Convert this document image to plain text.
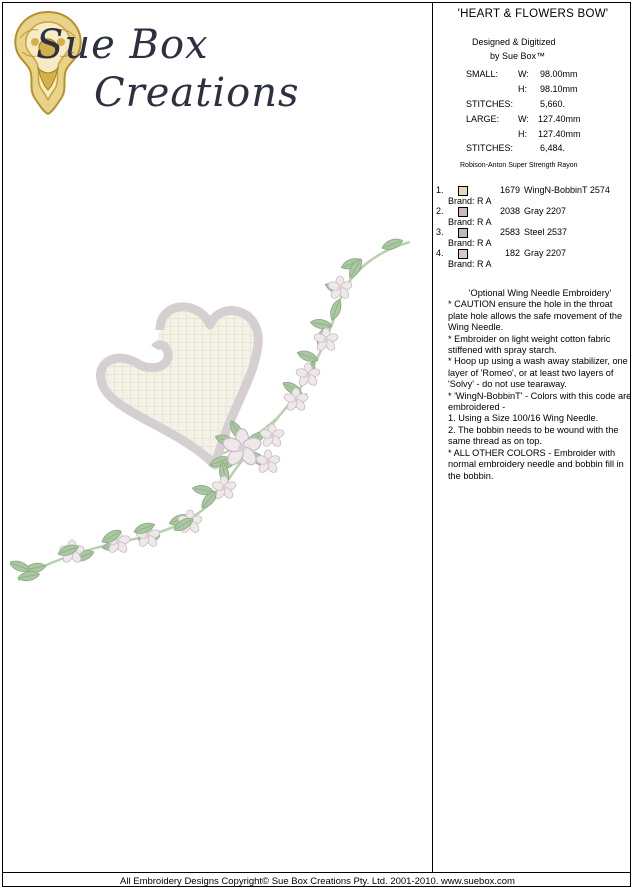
Sue Box
Creations
'HEART & FLOWERS BOW'
Designed & Digitized
by Sue Box™
SMALL: W: 98.00mm
H: 98.10mm
STITCHES:	5,660.
LARGE: W: 127.40mm
H: 127.40mm
STITCHES:	6,484.
Robison-Anton Super Strength Rayon
1.	1679 WingN-BobbinT 2574
Brand: R A
2.	2038 Gray 2207
Brand: R A
3.	2583 Steel 2537
Brand: R A
4.	182 Gray 2207
Brand: R A

'Optional Wing Needle Embroidery'

* CAUTION ensure the hole in the throat plate hole allows the safe movement of the Wing Needle.

* Embroider on light weight cotton fabric stiffened with spray starch.

* Hoop up using a wash away stabilizer, one layer of 'Romeo', or at least two layers of 'Solvy' - do not use tearaway.

* 'WingN-BobbinT' - Colors with this code are embroidered -

1. Using a Size 100/16 Wing Needle.

2. The bobbin needs to be wound with the same thread as on top.

* ALL OTHER COLORS - Embroider with normal embroidery needle and bobbin fill in the bobbin.

All Embroidery Designs Copyright© Sue Box Creations Pty. Ltd. 2001-2010. www.suebox.com
